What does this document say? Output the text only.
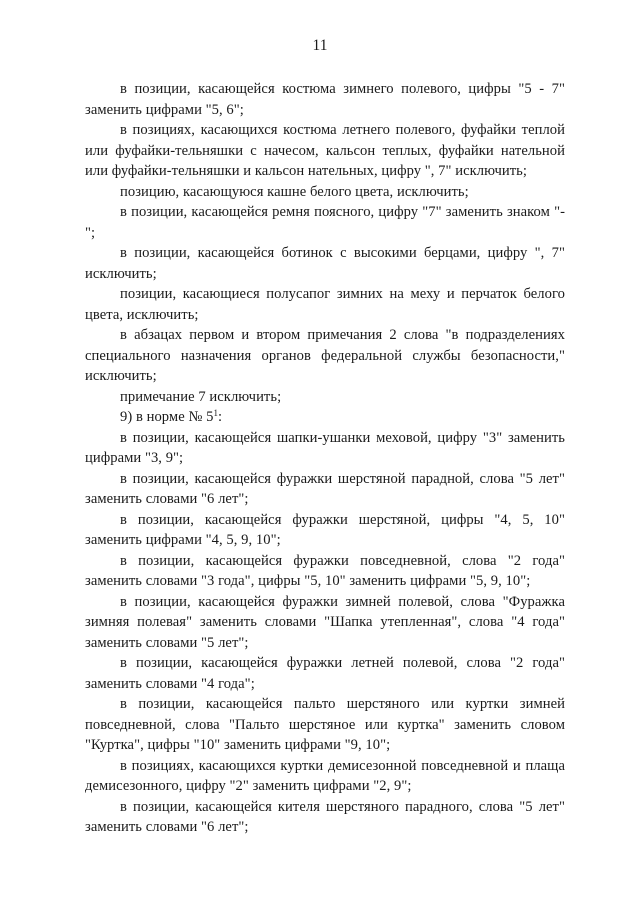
11

в позиции, касающейся костюма зимнего полевого, цифры "5 - 7" заменить цифрами "5, 6";

в позициях, касающихся костюма летнего полевого, фуфайки теплой или фуфайки-тельняшки с начесом, кальсон теплых, фуфайки нательной или фуфайки-тельняшки и кальсон нательных, цифру ", 7" исключить;

позицию, касающуюся кашне белого цвета, исключить;

в позиции, касающейся ремня поясного, цифру "7" заменить знаком "-";

в позиции, касающейся ботинок с высокими берцами, цифру ", 7" исключить;

позиции, касающиеся полусапог зимних на меху и перчаток белого цвета, исключить;

в абзацах первом и втором примечания 2 слова "в подразделениях специального назначения органов федеральной службы безопасности," исключить;

примечание 7 исключить;

9) в норме № $5^1$:

в позиции, касающейся шапки-ушанки меховой, цифру "3" заменить цифрами "3, 9";

в позиции, касающейся фуражки шерстяной парадной, слова "5 лет" заменить словами "6 лет";

в позиции, касающейся фуражки шерстяной, цифры "4, 5, 10" заменить цифрами "4, 5, 9, 10";

в позиции, касающейся фуражки повседневной, слова "2 года" заменить словами "3 года", цифры "5, 10" заменить цифрами "5, 9, 10";

в позиции, касающейся фуражки зимней полевой, слова "Фуражка зимняя полевая" заменить словами "Шапка утепленная", слова "4 года" заменить словами "5 лет";

в позиции, касающейся фуражки летней полевой, слова "2 года" заменить словами "4 года";

в позиции, касающейся пальто шерстяного или куртки зимней повседневной, слова "Пальто шерстяное или куртка" заменить словом "Куртка", цифры "10" заменить цифрами "9, 10";

в позициях, касающихся куртки демисезонной повседневной и плаща демисезонного, цифру "2" заменить цифрами "2, 9";

в позиции, касающейся кителя шерстяного парадного, слова "5 лет" заменить словами "6 лет";
